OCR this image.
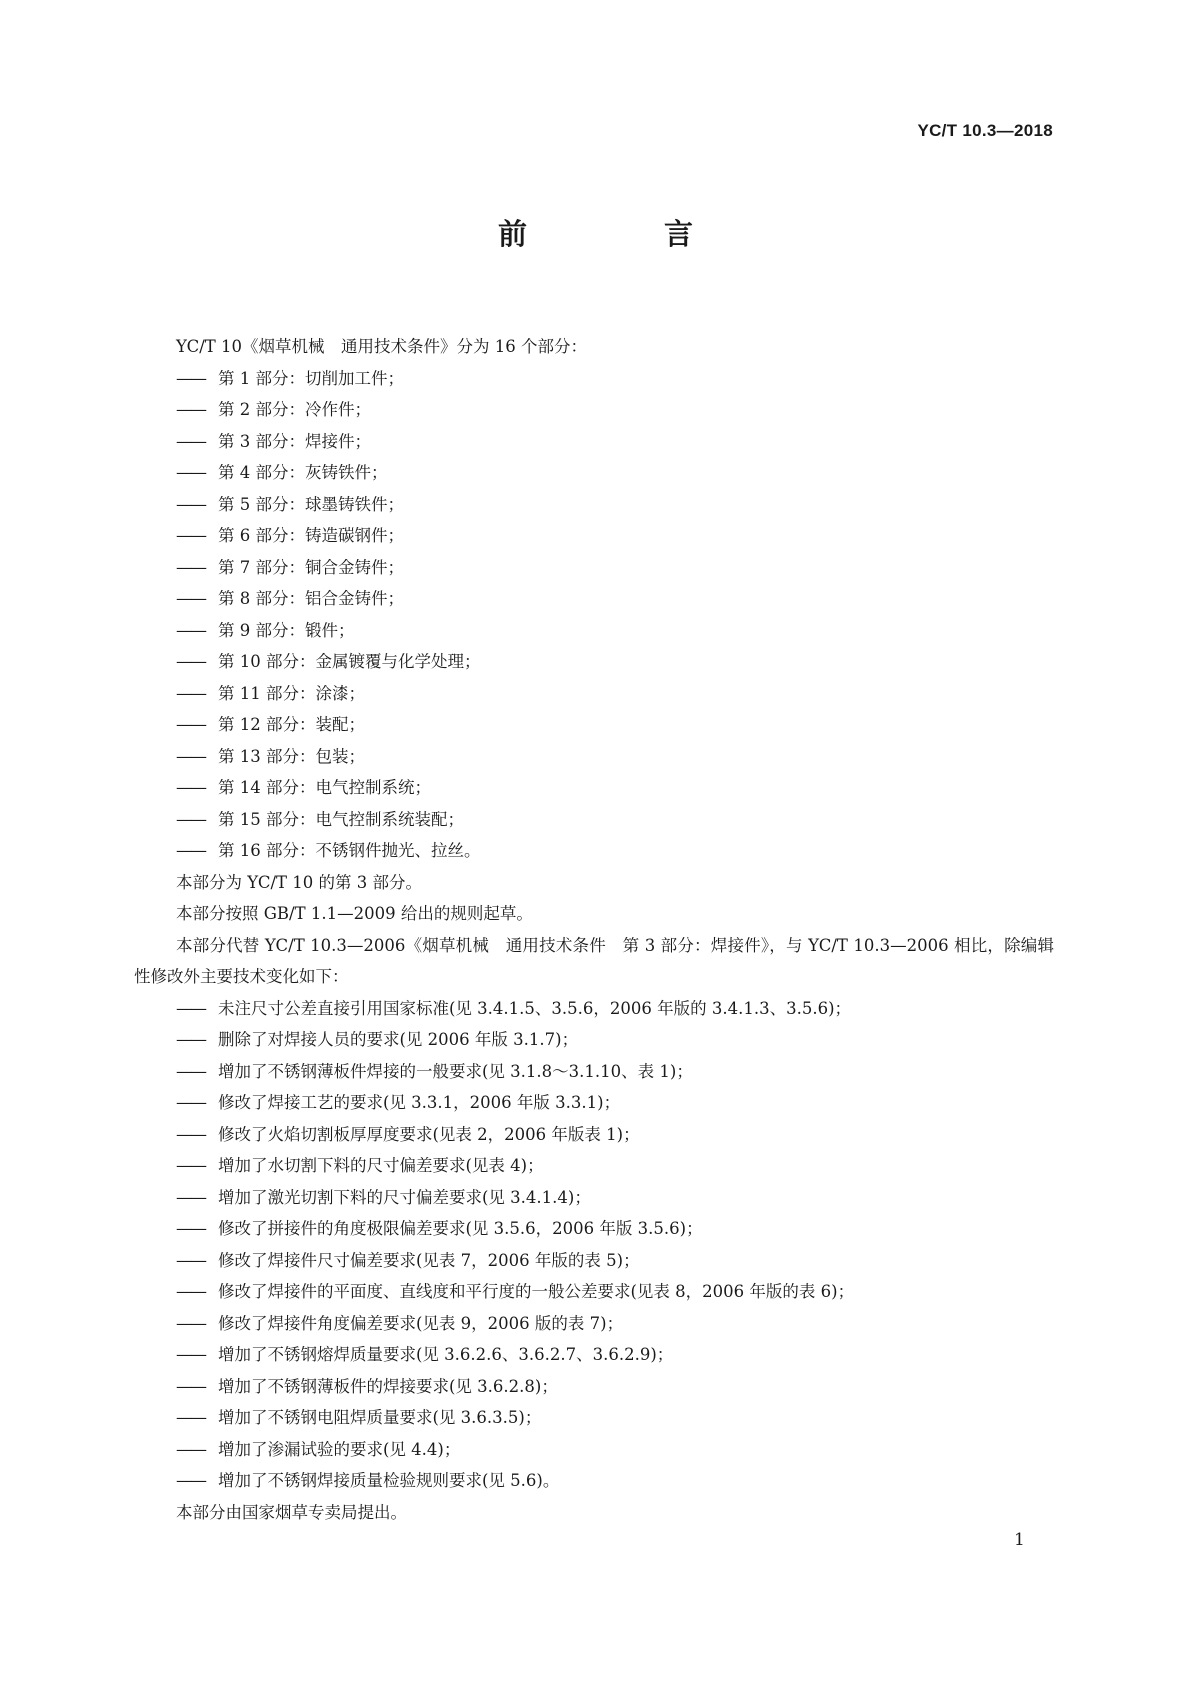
YC/T 10.3—2018
前　言

YC/T 10《烟草机械　通用技术条件》分为 16 个部分：

—— 第 1 部分：切削加工件；

—— 第 2 部分：冷作件；

—— 第 3 部分：焊接件；

—— 第 4 部分：灰铸铁件；

—— 第 5 部分：球墨铸铁件；

—— 第 6 部分：铸造碳钢件；

—— 第 7 部分：铜合金铸件；

—— 第 8 部分：铝合金铸件；

—— 第 9 部分：锻件；

—— 第 10 部分：金属镀覆与化学处理；

—— 第 11 部分：涂漆；

—— 第 12 部分：装配；

—— 第 13 部分：包装；

—— 第 14 部分：电气控制系统；

—— 第 15 部分：电气控制系统装配；

—— 第 16 部分：不锈钢件抛光、拉丝。

本部分为 YC/T 10 的第 3 部分。

本部分按照 GB/T 1.1—2009 给出的规则起草。

本部分代替 YC/T 10.3—2006《烟草机械　通用技术条件　第 3 部分：焊接件》，与 YC/T 10.3—2006 相比，除编辑性修改外主要技术变化如下：

—— 未注尺寸公差直接引用国家标准(见 3.4.1.5、3.5.6，2006 年版的 3.4.1.3、3.5.6)；

—— 删除了对焊接人员的要求(见 2006 年版 3.1.7)；

—— 增加了不锈钢薄板件焊接的一般要求(见 3.1.8～3.1.10、表 1)；

—— 修改了焊接工艺的要求(见 3.3.1，2006 年版 3.3.1)；

—— 修改了火焰切割板厚厚度要求(见表 2，2006 年版表 1)；

—— 增加了水切割下料的尺寸偏差要求(见表 4)；

—— 增加了激光切割下料的尺寸偏差要求(见 3.4.1.4)；

—— 修改了拼接件的角度极限偏差要求(见 3.5.6，2006 年版 3.5.6)；

—— 修改了焊接件尺寸偏差要求(见表 7，2006 年版的表 5)；

—— 修改了焊接件的平面度、直线度和平行度的一般公差要求(见表 8，2006 年版的表 6)；

—— 修改了焊接件角度偏差要求(见表 9，2006 版的表 7)；

—— 增加了不锈钢熔焊质量要求(见 3.6.2.6、3.6.2.7、3.6.2.9)；

—— 增加了不锈钢薄板件的焊接要求(见 3.6.2.8)；

—— 增加了不锈钢电阻焊质量要求(见 3.6.3.5)；

—— 增加了渗漏试验的要求(见 4.4)；

—— 增加了不锈钢焊接质量检验规则要求(见 5.6)。

本部分由国家烟草专卖局提出。

1
